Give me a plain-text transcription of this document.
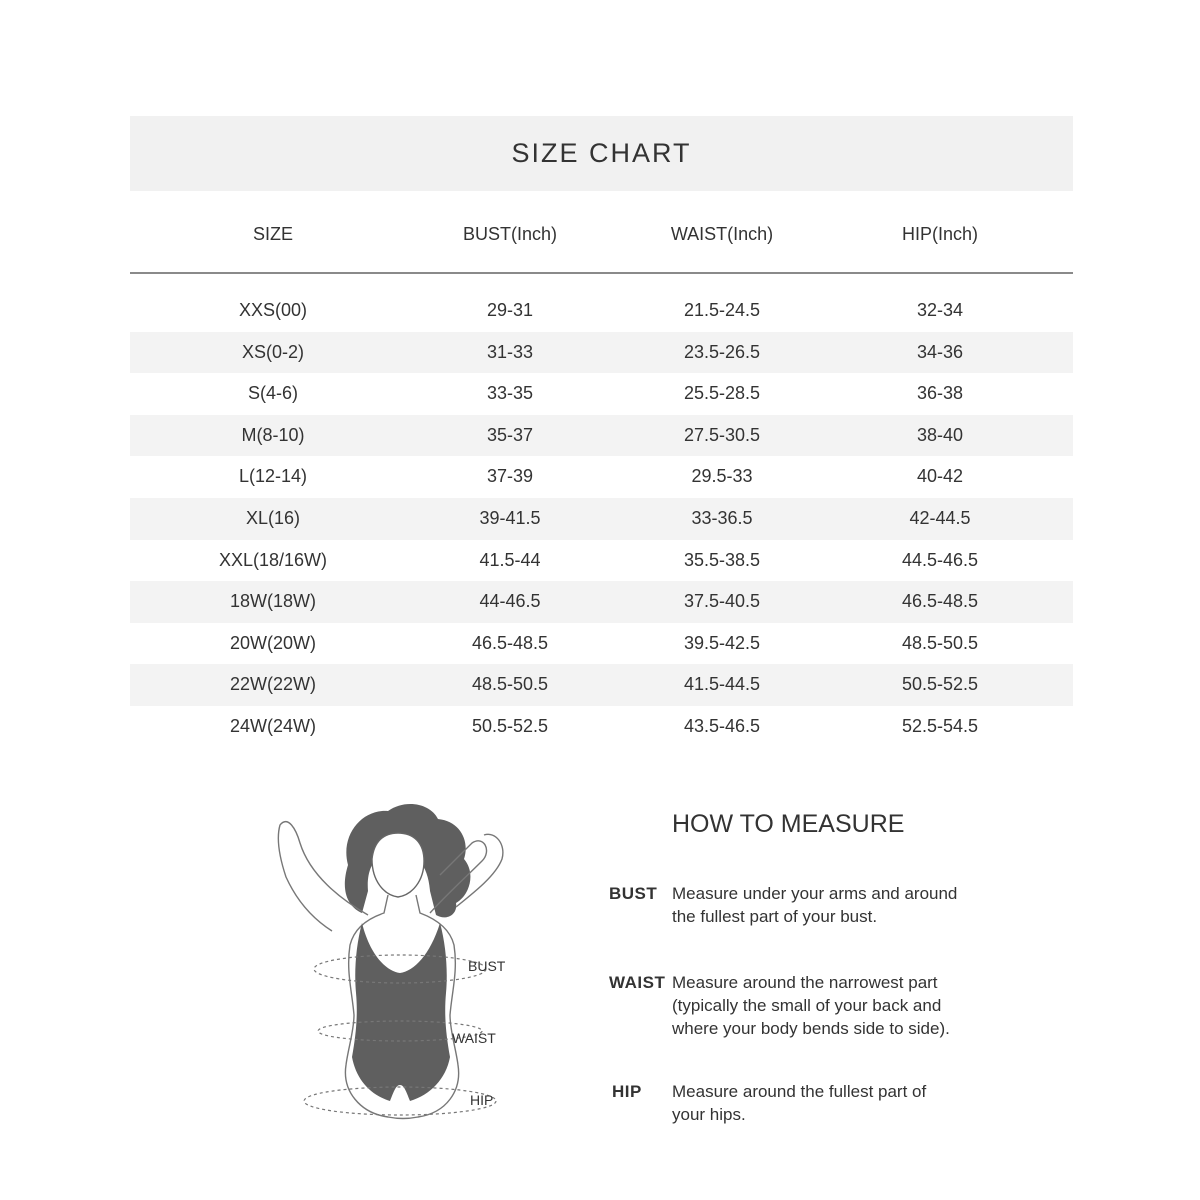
SIZE CHART
SIZE	BUST(Inch)	WAIST(Inch)	HIP(Inch)
XXS(00)	29-31	21.5-24.5	32-34
XS(0-2)	31-33	23.5-26.5	34-36
S(4-6)	33-35	25.5-28.5	36-38
M(8-10)	35-37	27.5-30.5	38-40
L(12-14)	37-39	29.5-33	40-42
XL(16)	39-41.5	33-36.5	42-44.5
XXL(18/16W)	41.5-44	35.5-38.5	44.5-46.5
18W(18W)	44-46.5	37.5-40.5	46.5-48.5
20W(20W)	46.5-48.5	39.5-42.5	48.5-50.5
22W(22W)	48.5-50.5	41.5-44.5	50.5-52.5
24W(24W)	50.5-52.5	43.5-46.5	52.5-54.5
BUST
WAIST
HIP
HOW TO MEASURE
BUST Measure under your arms and around
the fullest part of your bust.
WAIST Measure around the narrowest part
(typically the small of your back and
where your body bends side to side).
HIP Measure around the fullest part of
your hips.
